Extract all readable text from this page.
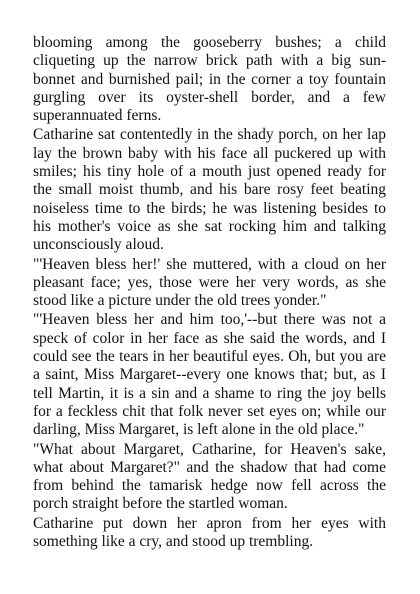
blooming among the gooseberry bushes; a child cliqueting up the narrow brick path with a big sun-bonnet and burnished pail; in the corner a toy fountain gurgling over its oyster-shell border, and a few superannuated ferns.

Catharine sat contentedly in the shady porch, on her lap lay the brown baby with his face all puckered up with smiles; his tiny hole of a mouth just opened ready for the small moist thumb, and his bare rosy feet beating noiseless time to the birds; he was listening besides to his mother's voice as she sat rocking him and talking unconsciously aloud.

"'Heaven bless her!' she muttered, with a cloud on her pleasant face; yes, those were her very words, as she stood like a picture under the old trees yonder."

"'Heaven bless her and him too,'--but there was not a speck of color in her face as she said the words, and I could see the tears in her beautiful eyes. Oh, but you are a saint, Miss Margaret--every one knows that; but, as I tell Martin, it is a sin and a shame to ring the joy bells for a feckless chit that folk never set eyes on; while our darling, Miss Margaret, is left alone in the old place."

"What about Margaret, Catharine, for Heaven's sake, what about Margaret?" and the shadow that had come from behind the tamarisk hedge now fell across the porch straight before the startled woman.

Catharine put down her apron from her eyes with something like a cry, and stood up trembling.
